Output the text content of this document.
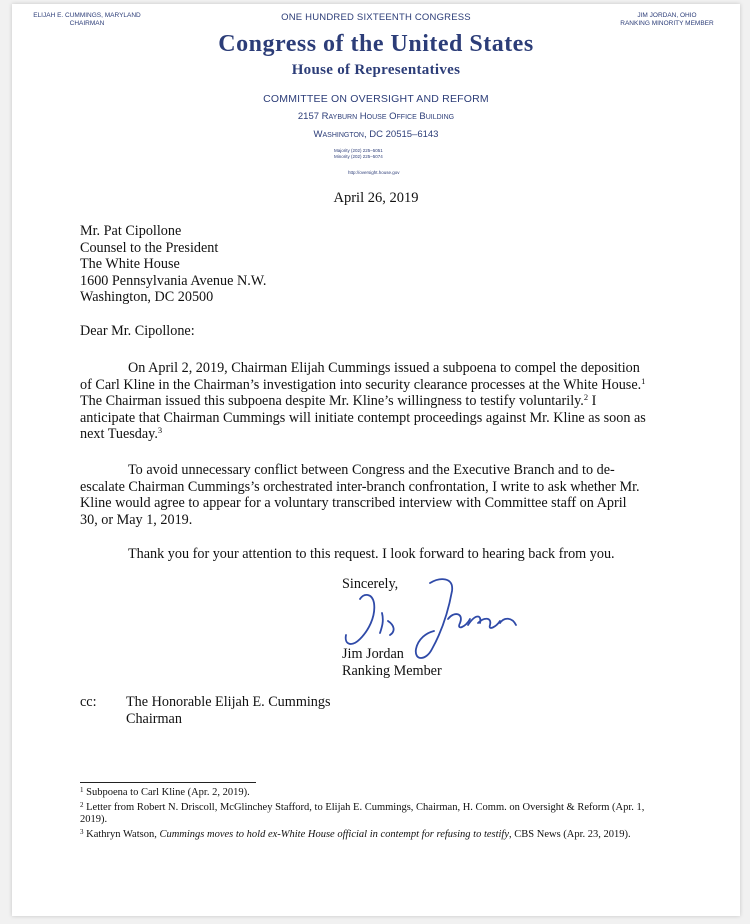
ELIJAH E. CUMMINGS, MARYLAND
CHAIRMAN
JIM JORDAN, OHIO
RANKING MINORITY MEMBER
ONE HUNDRED SIXTEENTH CONGRESS
Congress of the United States
House of Representatives
COMMITTEE ON OVERSIGHT AND REFORM
2157 Rayburn House Office Building
Washington, DC 20515–6143
Majority (202) 225–5051
Minority (202) 225–5074
http://oversight.house.gov
April 26, 2019
Mr. Pat Cipollone
Counsel to the President
The White House
1600 Pennsylvania Avenue N.W.
Washington, DC 20500
Dear Mr. Cipollone:
On April 2, 2019, Chairman Elijah Cummings issued a subpoena to compel the deposition of Carl Kline in the Chairman’s investigation into security clearance processes at the White House.$^1$ The Chairman issued this subpoena despite Mr. Kline’s willingness to testify voluntarily.$^2$ I anticipate that Chairman Cummings will initiate contempt proceedings against Mr. Kline as soon as next Tuesday.$^3$
To avoid unnecessary conflict between Congress and the Executive Branch and to de-escalate Chairman Cummings’s orchestrated inter-branch confrontation, I write to ask whether Mr. Kline would agree to appear for a voluntary transcribed interview with Committee staff on April 30, or May 1, 2019.
Thank you for your attention to this request. I look forward to hearing back from you.
Sincerely,
Jim Jordan
Ranking Member
cc: The Honorable Elijah E. Cummings
Chairman
$^1$ Subpoena to Carl Kline (Apr. 2, 2019).
$^2$ Letter from Robert N. Driscoll, McGlinchey Stafford, to Elijah E. Cummings, Chairman, H. Comm. on Oversight & Reform (Apr. 1, 2019).
$^3$ Kathryn Watson, Cummings moves to hold ex-White House official in contempt for refusing to testify, CBS News (Apr. 23, 2019).
